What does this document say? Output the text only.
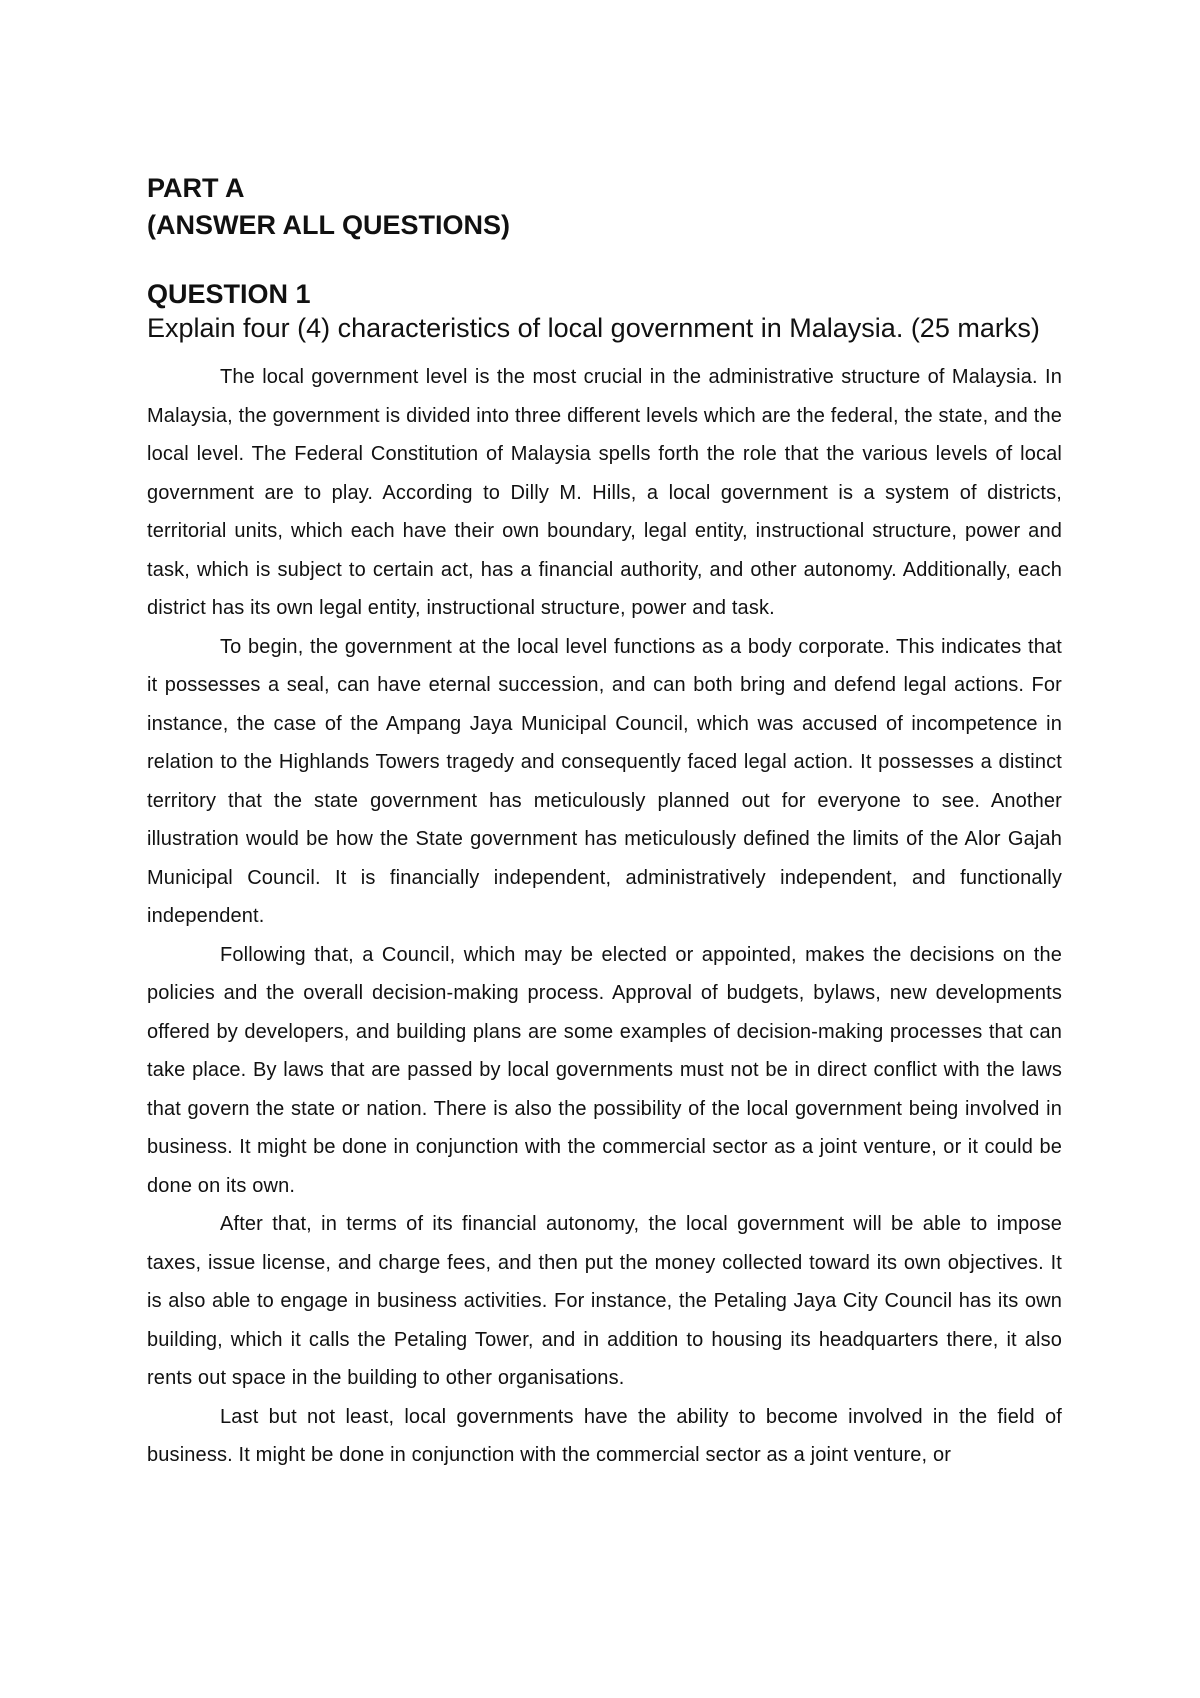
PART A

(ANSWER ALL QUESTIONS)

QUESTION 1

Explain four (4) characteristics of local government in Malaysia. (25 marks)

The local government level is the most crucial in the administrative structure of Malaysia. In Malaysia, the government is divided into three different levels which are the federal, the state, and the local level. The Federal Constitution of Malaysia spells forth the role that the various levels of local government are to play. According to Dilly M. Hills, a local government is a system of districts, territorial units, which each have their own boundary, legal entity, instructional structure, power and task, which is subject to certain act, has a financial authority, and other autonomy. Additionally, each district has its own legal entity, instructional structure, power and task.

To begin, the government at the local level functions as a body corporate. This indicates that it possesses a seal, can have eternal succession, and can both bring and defend legal actions. For instance, the case of the Ampang Jaya Municipal Council, which was accused of incompetence in relation to the Highlands Towers tragedy and consequently faced legal action. It possesses a distinct territory that the state government has meticulously planned out for everyone to see. Another illustration would be how the State government has meticulously defined the limits of the Alor Gajah Municipal Council. It is financially independent, administratively independent, and functionally independent.

Following that, a Council, which may be elected or appointed, makes the decisions on the policies and the overall decision-making process. Approval of budgets, bylaws, new developments offered by developers, and building plans are some examples of decision-making processes that can take place. By laws that are passed by local governments must not be in direct conflict with the laws that govern the state or nation. There is also the possibility of the local government being involved in business. It might be done in conjunction with the commercial sector as a joint venture, or it could be done on its own.

After that, in terms of its financial autonomy, the local government will be able to impose taxes, issue license, and charge fees, and then put the money collected toward its own objectives. It is also able to engage in business activities. For instance, the Petaling Jaya City Council has its own building, which it calls the Petaling Tower, and in addition to housing its headquarters there, it also rents out space in the building to other organisations.

Last but not least, local governments have the ability to become involved in the field of business. It might be done in conjunction with the commercial sector as a joint venture, or
